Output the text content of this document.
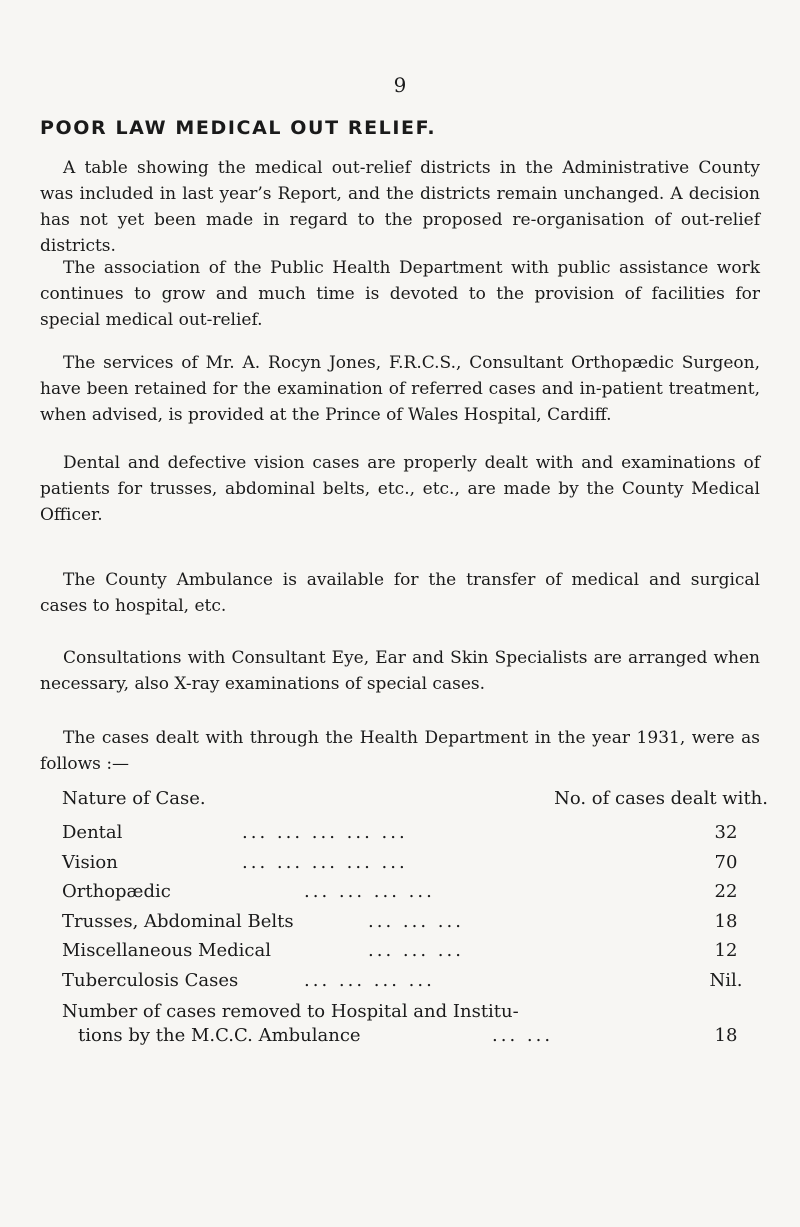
9
POOR LAW MEDICAL OUT RELIEF.

A table showing the medical out-relief districts in the Administrative County was included in last year’s Report, and the districts remain unchanged. A decision has not yet been made in regard to the proposed re-organisation of out-relief districts.

The association of the Public Health Department with public assistance work continues to grow and much time is devoted to the provision of facilities for special medical out-relief.

The services of Mr. A. Rocyn Jones, F.R.C.S., Consultant Orthopædic Surgeon, have been retained for the examination of referred cases and in-patient treatment, when advised, is provided at the Prince of Wales Hospital, Cardiff.

Dental and defective vision cases are properly dealt with and examinations of patients for trusses, abdominal belts, etc., etc., are made by the County Medical Officer.

The County Ambulance is available for the transfer of medical and surgical cases to hospital, etc.

Consultations with Consultant Eye, Ear and Skin Specialists are arranged when necessary, also X-ray examinations of special cases.

The cases dealt with through the Health Department in the year 1931, were as follows :—

Nature of Case.	No. of cases dealt with.
Dental	... ... ... ... ...	32
Vision	... ... ... ... ...	70
Orthopædic	... ... ... ...	22
Trusses, Abdominal Belts	... ... ...	18
Miscellaneous Medical	... ... ...	12
Tuberculosis Cases	... ... ... ...	Nil.
Number of cases removed to Hospital and Institu-
tions by the M.C.C. Ambulance	... ...	18
